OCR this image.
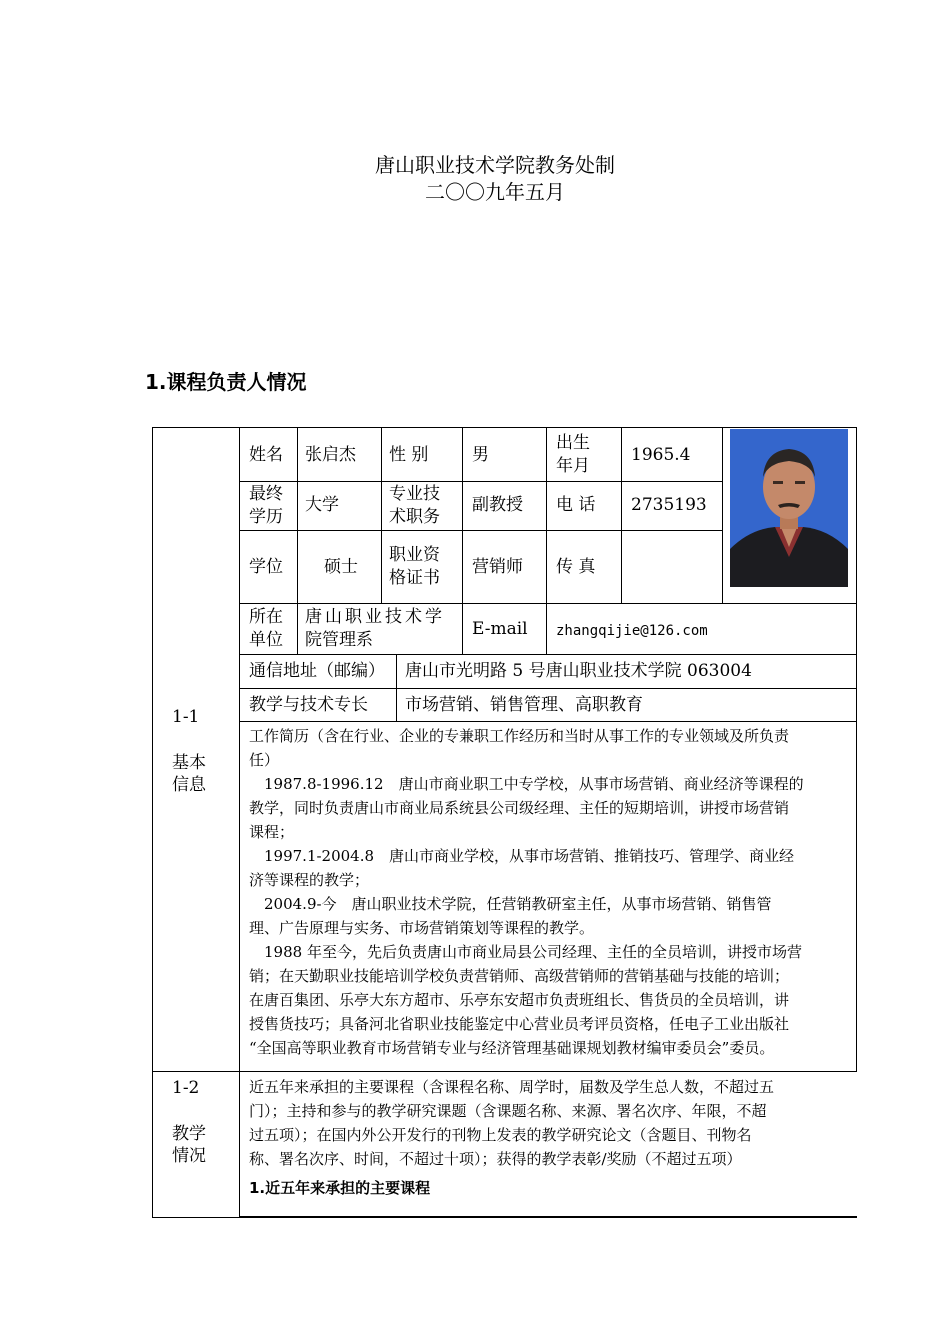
唐山职业技术学院教务处制
二〇〇九年五月
1.课程负责人情况
1-1
基本
信息
1-2
教学
情况
姓名 张启杰 性 别	男
出生
年月
1965.4
最终
学历
大学
专业技
术职务
副教授 电 话 2735193
学位 硕士
职业资
格证书
营销师 传 真
所在
单位
唐山职业技术学
院管理系
E-mail zhangqijie@126.com
通信地址（邮编） 唐山市光明路 5 号唐山职业技术学院 063004
教学与技术专长 市场营销、销售管理、高职教育
工作简历（含在行业、企业的专兼职工作经历和当时从事工作的专业领域及所负责
任）
　1987.8-1996.12　唐山市商业职工中专学校，从事市场营销、商业经济等课程的
教学，同时负责唐山市商业局系统县公司级经理、主任的短期培训，讲授市场营销
课程；
　1997.1-2004.8　唐山市商业学校，从事市场营销、推销技巧、管理学、商业经
济等课程的教学；
　2004.9-今　唐山职业技术学院，任营销教研室主任，从事市场营销、销售管
理、广告原理与实务、市场营销策划等课程的教学。
　1988 年至今，先后负责唐山市商业局县公司经理、主任的全员培训，讲授市场营
销；在天勤职业技能培训学校负责营销师、高级营销师的营销基础与技能的培训；
在唐百集团、乐亭大东方超市、乐亭东安超市负责班组长、售货员的全员培训，讲
授售货技巧；具备河北省职业技能鉴定中心营业员考评员资格，任电子工业出版社
“全国高等职业教育市场营销专业与经济管理基础课规划教材编审委员会”委员。
近五年来承担的主要课程（含课程名称、周学时，届数及学生总人数，不超过五
门）；主持和参与的教学研究课题（含课题名称、来源、署名次序、年限，不超
过五项）；在国内外公开发行的刊物上发表的教学研究论文（含题目、刊物名
称、署名次序、时间，不超过十项）；获得的教学表彰/奖励（不超过五项）
1.近五年来承担的主要课程
